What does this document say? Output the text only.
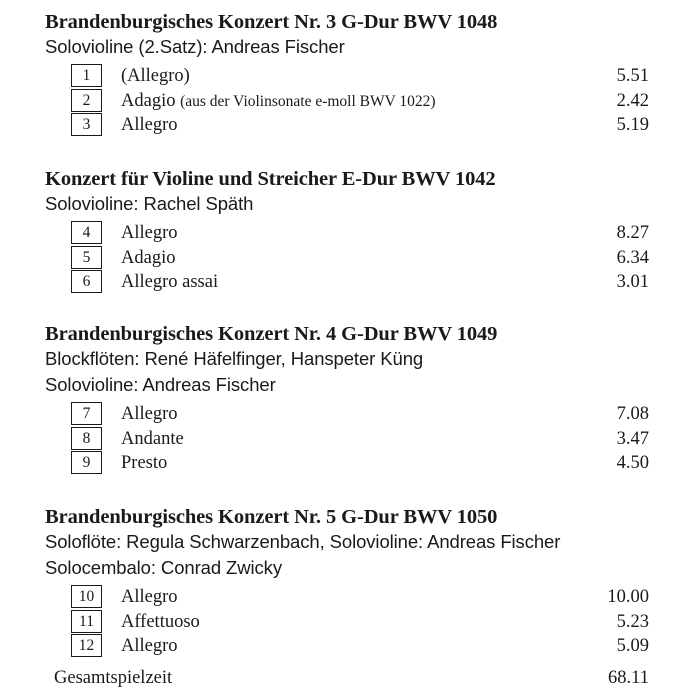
Brandenburgisches Konzert Nr. 3 G-Dur BWV 1048
Solovioline (2.Satz): Andreas Fischer
1	(Allegro)	5.51
2	Adagio (aus der Violinsonate e-moll BWV 1022)	2.42
3	Allegro	5.19
Konzert für Violine und Streicher E-Dur BWV 1042
Solovioline: Rachel Späth
4	Allegro	8.27
5	Adagio	6.34
6	Allegro assai	3.01
Brandenburgisches Konzert Nr. 4 G-Dur BWV 1049
Blockflöten: René Häfelfinger, Hanspeter Küng
Solovioline: Andreas Fischer
7	Allegro	7.08
8	Andante	3.47
9	Presto	4.50
Brandenburgisches Konzert Nr. 5 G-Dur BWV 1050
Soloflöte: Regula Schwarzenbach, Solovioline: Andreas Fischer
Solocembalo: Conrad Zwicky
10	Allegro	10.00
11	Affettuoso	5.23
12	Allegro	5.09
Gesamtspielzeit	68.11
